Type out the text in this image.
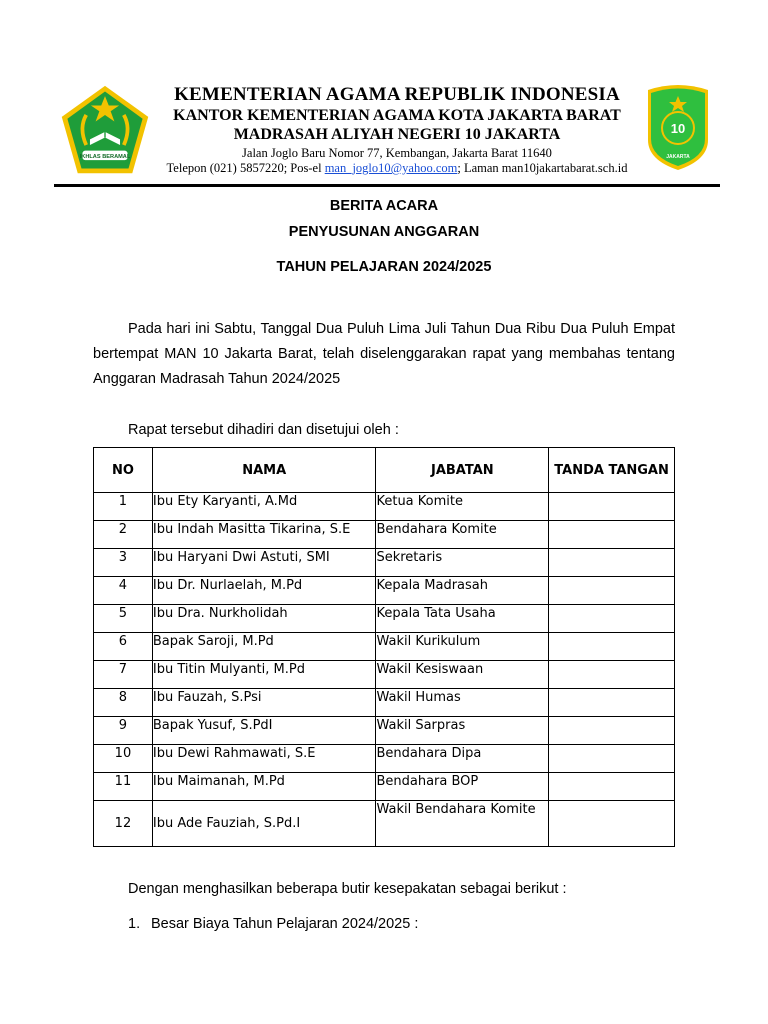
IKHLAS BERAMAL
KEMENTERIAN AGAMA REPUBLIK INDONESIA
KANTOR KEMENTERIAN AGAMA KOTA JAKARTA BARAT
MADRASAH ALIYAH NEGERI 10 JAKARTA
Jalan Joglo Baru Nomor 77, Kembangan, Jakarta Barat 11640
Telepon (021) 5857220; Pos-el man_joglo10@yahoo.com; Laman man10jakartabarat.sch.id
10
JAKARTA
BERITA ACARA
PENYUSUNAN ANGGARAN
TAHUN PELAJARAN 2024/2025
Pada hari ini Sabtu, Tanggal Dua Puluh Lima Juli Tahun Dua Ribu Dua Puluh Empat bertempat MAN 10 Jakarta Barat, telah diselenggarakan rapat yang membahas tentang Anggaran Madrasah Tahun 2024/2025
Rapat tersebut dihadiri dan disetujui oleh :
NO	NAMA	JABATAN	TANDA TANGAN
1	Ibu Ety Karyanti, A.Md	Ketua Komite	
2	Ibu Indah Masitta Tikarina, S.E	Bendahara Komite	
3	Ibu Haryani Dwi Astuti, SMI	Sekretaris	
4	Ibu Dr. Nurlaelah, M.Pd	Kepala Madrasah	
5	Ibu Dra. Nurkholidah	Kepala Tata Usaha	
6	Bapak Saroji, M.Pd	Wakil Kurikulum	
7	Ibu Titin Mulyanti, M.Pd	Wakil Kesiswaan	
8	Ibu Fauzah, S.Psi	Wakil Humas	
9	Bapak Yusuf, S.PdI	Wakil Sarpras	
10	Ibu Dewi Rahmawati, S.E	Bendahara Dipa	
11	Ibu Maimanah, M.Pd	Bendahara BOP	
12	Ibu Ade Fauziah, S.Pd.I	Wakil Bendahara Komite	
Dengan menghasilkan beberapa butir kesepakatan sebagai berikut :
1. Besar Biaya Tahun Pelajaran 2024/2025 :
